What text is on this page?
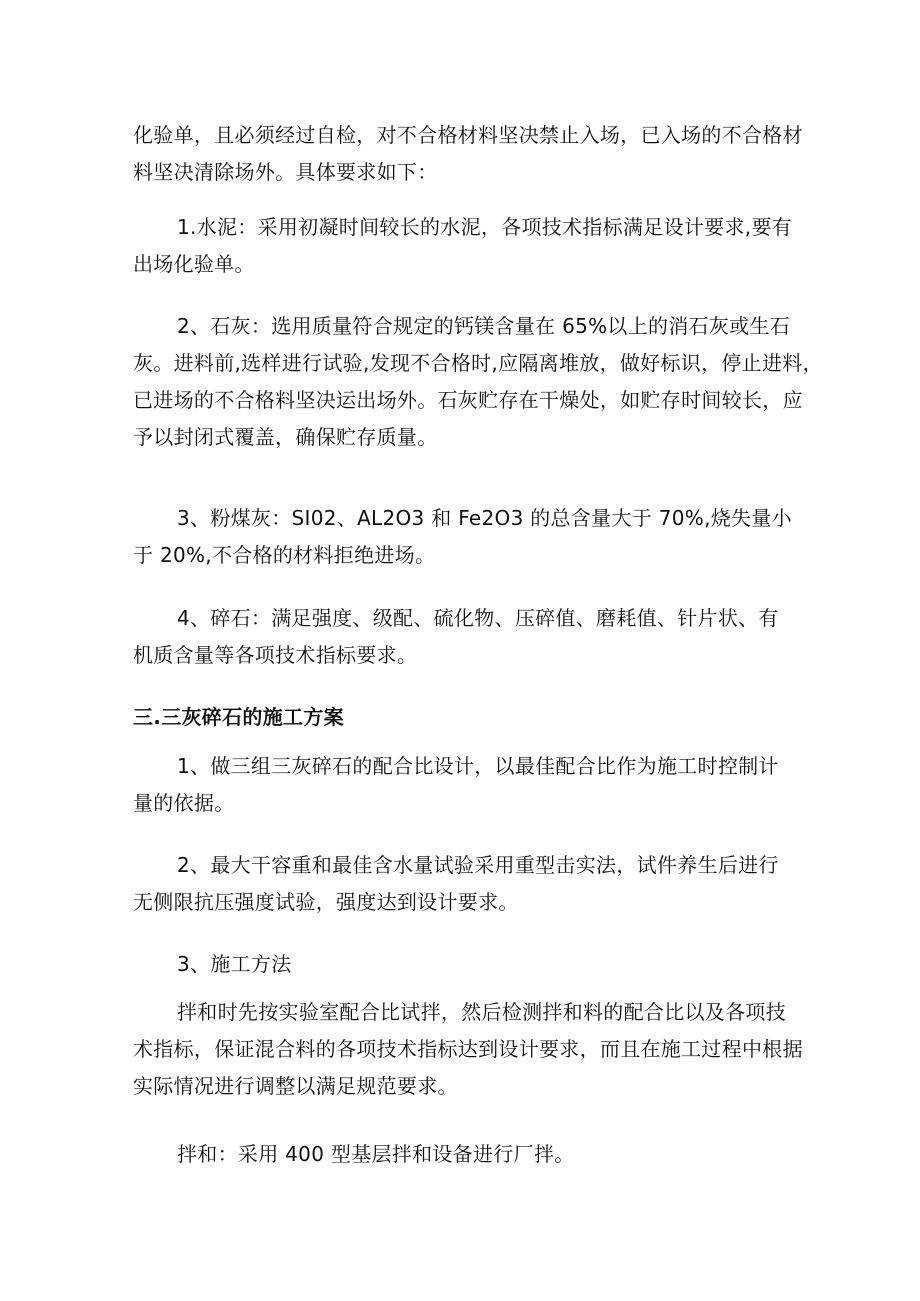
化验单，且必须经过自检，对不合格材料坚决禁止入场，已入场的不合格材
料坚决清除场外。具体要求如下：
1.水泥：采用初凝时间较长的水泥，各项技术指标满足设计要求,要有
出场化验单。
2、石灰：选用质量符合规定的钙镁含量在 65%以上的消石灰或生石
灰。进料前,选样进行试验,发现不合格时,应隔离堆放，做好标识，停止进料，
已进场的不合格料坚决运出场外。石灰贮存在干燥处，如贮存时间较长，应
予以封闭式覆盖，确保贮存质量。
3、粉煤灰：SI02、AL2O3 和 Fe2O3 的总含量大于 70%,烧失量小
于 20%,不合格的材料拒绝进场。
4、碎石：满足强度、级配、硫化物、压碎值、磨耗值、针片状、有
机质含量等各项技术指标要求。
三.三灰碎石的施工方案
1、做三组三灰碎石的配合比设计，以最佳配合比作为施工时控制计
量的依据。
2、最大干容重和最佳含水量试验采用重型击实法，试件养生后进行
无侧限抗压强度试验，强度达到设计要求。
3、施工方法
拌和时先按实验室配合比试拌，然后检测拌和料的配合比以及各项技
术指标，保证混合料的各项技术指标达到设计要求，而且在施工过程中根据
实际情况进行调整以满足规范要求。
拌和：采用 400 型基层拌和设备进行厂拌。
